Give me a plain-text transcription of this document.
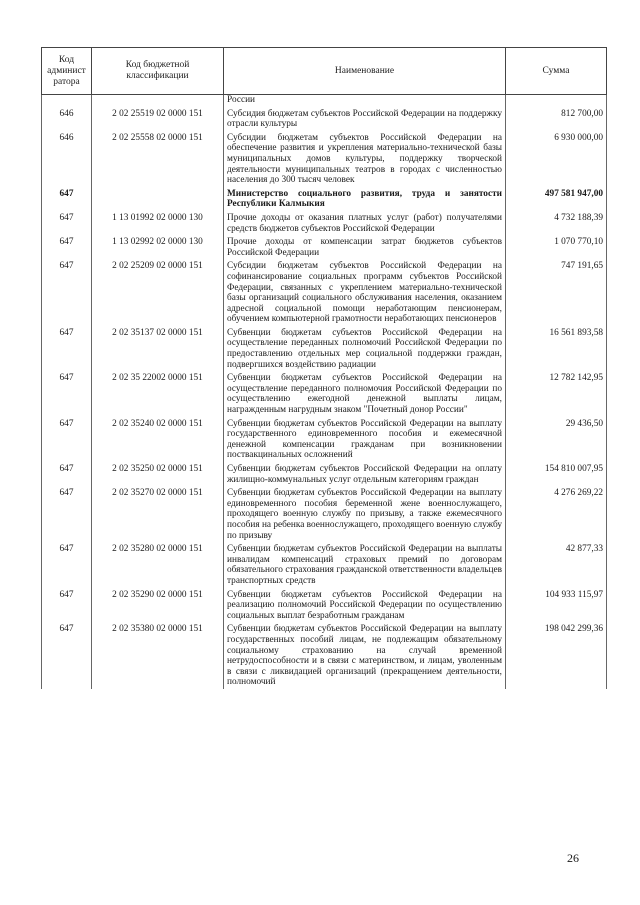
Код админист ратора	Код бюджетной классификации	Наименование	Сумма
		России	
646	2 02 25519 02 0000 151	Субсидия бюджетам субъектов Российской Федерации на поддержку отрасли культуры	812 700,00
646	2 02 25558 02 0000 151	Субсидии бюджетам субъектов Российской Федерации на обеспечение развития и укрепления материально-технической базы муниципальных домов культуры, поддержку творческой деятельности муниципальных театров в городах с численностью населения до 300 тысяч человек	6 930 000,00
647		Министерство социального развития, труда и занятости Республики Калмыкия	497 581 947,00
647	1 13 01992 02 0000 130	Прочие доходы от оказания платных услуг (работ) получателями средств бюджетов субъектов Российской Федерации	4 732 188,39
647	1 13 02992 02 0000 130	Прочие доходы от компенсации затрат бюджетов субъектов Российской Федерации	1 070 770,10
647	2 02 25209 02 0000 151	Субсидии бюджетам субъектов Российской Федерации на софинансирование социальных программ субъектов Российской Федерации, связанных с укреплением материально-технической базы организаций социального обслуживания населения, оказанием адресной социальной помощи неработающим пенсионерам, обучением компьютерной грамотности неработающих пенсионеров	747 191,65
647	2 02 35137 02 0000 151	Субвенции бюджетам субъектов Российской Федерации на осуществление переданных полномочий Российской Федерации по предоставлению отдельных мер социальной поддержки граждан, подвергшихся воздействию радиации	16 561 893,58
647	2 02 35 22002 0000 151	Субвенции бюджетам субъектов Российской Федерации на осуществление переданного полномочия Российской Федерации по осуществлению ежегодной денежной выплаты лицам, награжденным нагрудным знаком "Почетный донор России"	12 782 142,95
647	2 02 35240 02 0000 151	Субвенции бюджетам субъектов Российской Федерации на выплату государственного единовременного пособия и ежемесячной денежной компенсации гражданам при возникновении поствакцинальных осложнений	29 436,50
647	2 02 35250 02 0000 151	Субвенции бюджетам субъектов Российской Федерации на оплату жилищно-коммунальных услуг отдельным категориям граждан	154 810 007,95
647	2 02 35270 02 0000 151	Субвенции бюджетам субъектов Российской Федерации на выплату единовременного пособия беременной жене военнослужащего, проходящего военную службу по призыву, а также ежемесячного пособия на ребенка военнослужащего, проходящего военную службу по призыву	4 276 269,22
647	2 02 35280 02 0000 151	Субвенции бюджетам субъектов Российской Федерации на выплаты инвалидам компенсаций страховых премий по договорам обязательного страхования гражданской ответственности владельцев транспортных средств	42 877,33
647	2 02 35290 02 0000 151	Субвенции бюджетам субъектов Российской Федерации на реализацию полномочий Российской Федерации по осуществлению социальных выплат безработным гражданам	104 933 115,97
647	2 02 35380 02 0000 151	Субвенции бюджетам субъектов Российской Федерации на выплату государственных пособий лицам, не подлежащим обязательному социальному страхованию на случай временной нетрудоспособности и в связи с материнством, и лицам, уволенным в связи с ликвидацией организаций (прекращением деятельности, полномочий	198 042 299,36
26
